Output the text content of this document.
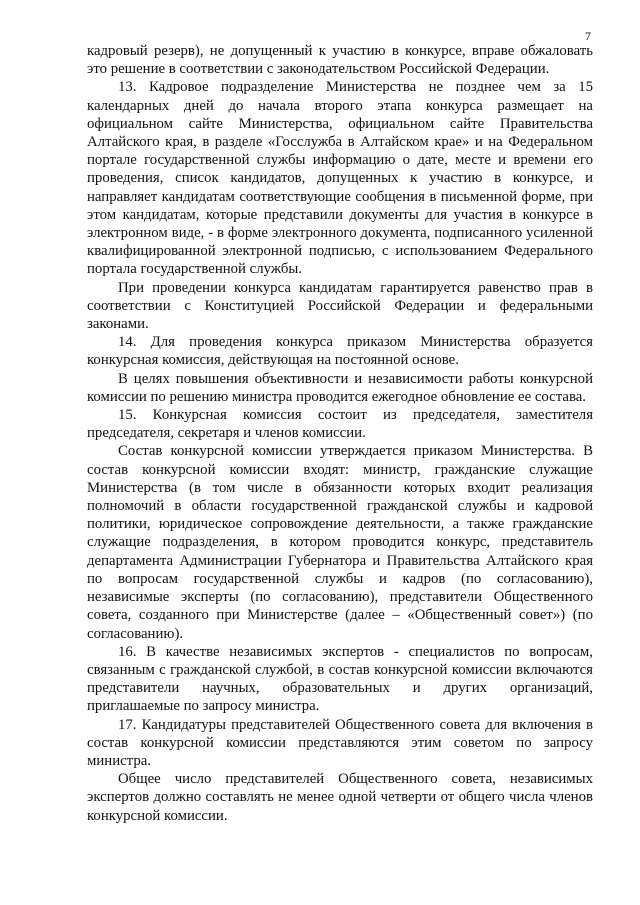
7

кадровый резерв), не допущенный к участию в конкурсе, вправе обжаловать это решение в соответствии с законодательством Российской Федерации.

13. Кадровое подразделение Министерства не позднее чем за 15 календарных дней до начала второго этапа конкурса размещает на официальном сайте Министерства, официальном сайте Правительства Алтайского края, в разделе «Госслужба в Алтайском крае» и на Федеральном портале государственной службы информацию о дате, месте и времени его проведения, список кандидатов, допущенных к участию в конкурсе, и направляет кандидатам соответствующие сообщения в письменной форме, при этом кандидатам, которые представили документы для участия в конкурсе в электронном виде, - в форме электронного документа, подписанного усиленной квалифицированной электронной подписью, с использованием Федерального портала государственной службы.

При проведении конкурса кандидатам гарантируется равенство прав в соответствии с Конституцией Российской Федерации и федеральными законами.

14. Для проведения конкурса приказом Министерства образуется конкурсная комиссия, действующая на постоянной основе.

В целях повышения объективности и независимости работы конкурсной комиссии по решению министра проводится ежегодное обновление ее состава.

15. Конкурсная комиссия состоит из председателя, заместителя председателя, секретаря и членов комиссии.

Состав конкурсной комиссии утверждается приказом Министерства. В состав конкурсной комиссии входят: министр, гражданские служащие Министерства (в том числе в обязанности которых входит реализация полномочий в области государственной гражданской службы и кадровой политики, юридическое сопровождение деятельности, а также гражданские служащие подразделения, в котором проводится конкурс, представитель департамента Администрации Губернатора и Правительства Алтайского края по вопросам государственной службы и кадров (по согласованию), независимые эксперты (по согласованию), представители Общественного совета, созданного при Министерстве (далее – «Общественный совет») (по согласованию).

16. В качестве независимых экспертов - специалистов по вопросам, связанным с гражданской службой, в состав конкурсной комиссии включаются представители научных, образовательных и других организаций, приглашаемые по запросу министра.

17. Кандидатуры представителей Общественного совета для включения в состав конкурсной комиссии представляются этим советом по запросу министра.

Общее число представителей Общественного совета, независимых экспертов должно составлять не менее одной четверти от общего числа членов конкурсной комиссии.
